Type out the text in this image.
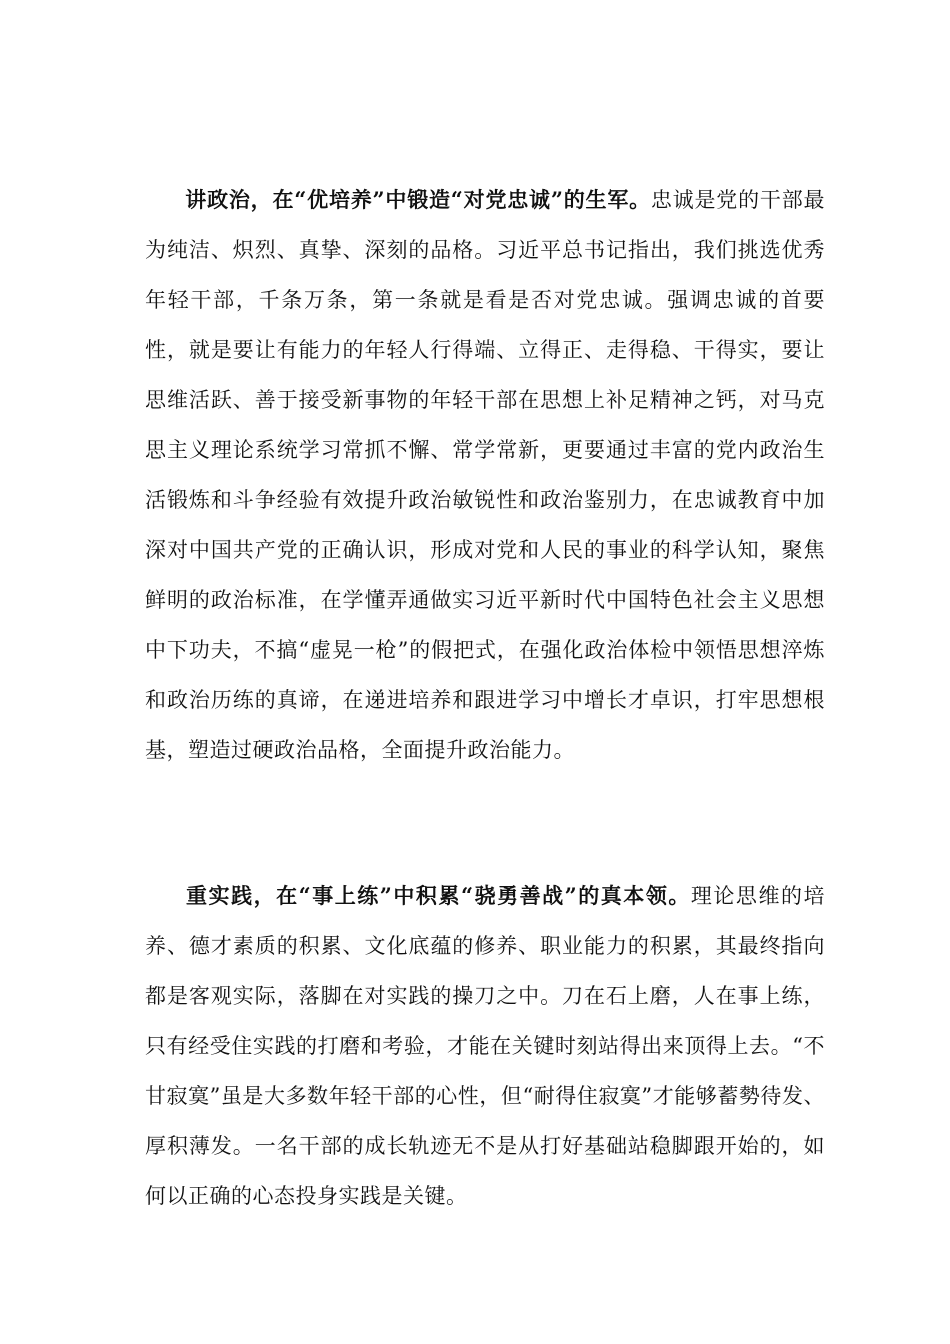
讲政治，在“优培养”中锻造“对党忠诚”的生军。忠诚是党的干部最为纯洁、炽烈、真挚、深刻的品格。习近平总书记指出，我们挑选优秀年轻干部，千条万条，第一条就是看是否对党忠诚。强调忠诚的首要性，就是要让有能力的年轻人行得端、立得正、走得稳、干得实，要让思维活跃、善于接受新事物的年轻干部在思想上补足精神之钙，对马克思主义理论系统学习常抓不懈、常学常新，更要通过丰富的党内政治生活锻炼和斗争经验有效提升政治敏锐性和政治鉴别力，在忠诚教育中加深对中国共产党的正确认识，形成对党和人民的事业的科学认知，聚焦鲜明的政治标准，在学懂弄通做实习近平新时代中国特色社会主义思想中下功夫，不搞“虚晃一枪”的假把式，在强化政治体检中领悟思想淬炼和政治历练的真谛，在递进培养和跟进学习中增长才卓识，打牢思想根基，塑造过硬政治品格，全面提升政治能力。

重实践，在“事上练”中积累“骁勇善战”的真本领。理论思维的培养、德才素质的积累、文化底蕴的修养、职业能力的积累，其最终指向都是客观实际，落脚在对实践的操刀之中。刀在石上磨，人在事上练，只有经受住实践的打磨和考验，才能在关键时刻站得出来顶得上去。“不甘寂寞”虽是大多数年轻干部的心性，但“耐得住寂寞”才能够蓄勢待发、厚积薄发。一名干部的成长轨迹无不是从打好基础站稳脚跟开始的，如何以正确的心态投身实践是关键。
